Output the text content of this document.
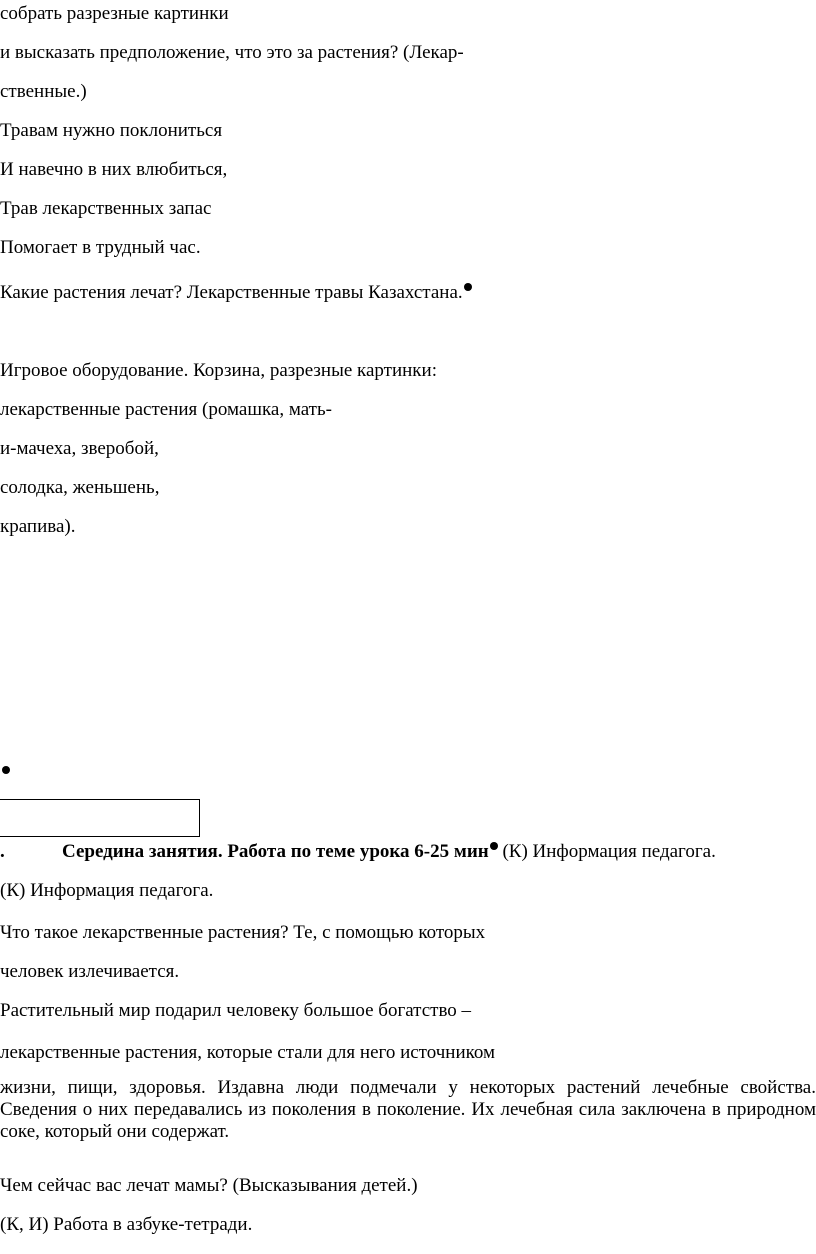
собрать разрезные картинки
и высказать предположение, что это за растения? (Лекар-
ственные.)
Травам нужно поклониться
И навечно в них влюбиться,
Трав лекарственных запас
Помогает в трудный час.
Какие растения лечат? Лекарственные травы Казахстана.
Игровое оборудование. Корзина, разрезные картинки:
лекарственные растения (ромашка, мать-
и-мачеха, зверобой,
солодка, женьшень,
крапива).
.	Середина занятия. Работа по теме урока 6-25 мин (К) Информация педагога.
(К) Информация педагога.
Что такое лекарственные растения? Те, с помощью которых
человек излечивается.
Растительный мир подарил человеку большое богатство –
лекарственные растения, которые стали для него источником
жизни, пищи, здоровья. Издавна люди подмечали у некоторых растений лечебные свойства. Сведения о них передавались из поколения в поколение. Их лечебная сила заключена в природном соке, который они содержат.
Чем сейчас вас лечат мамы? (Высказывания детей.)
(К, И) Работа в азбуке-тетради.
